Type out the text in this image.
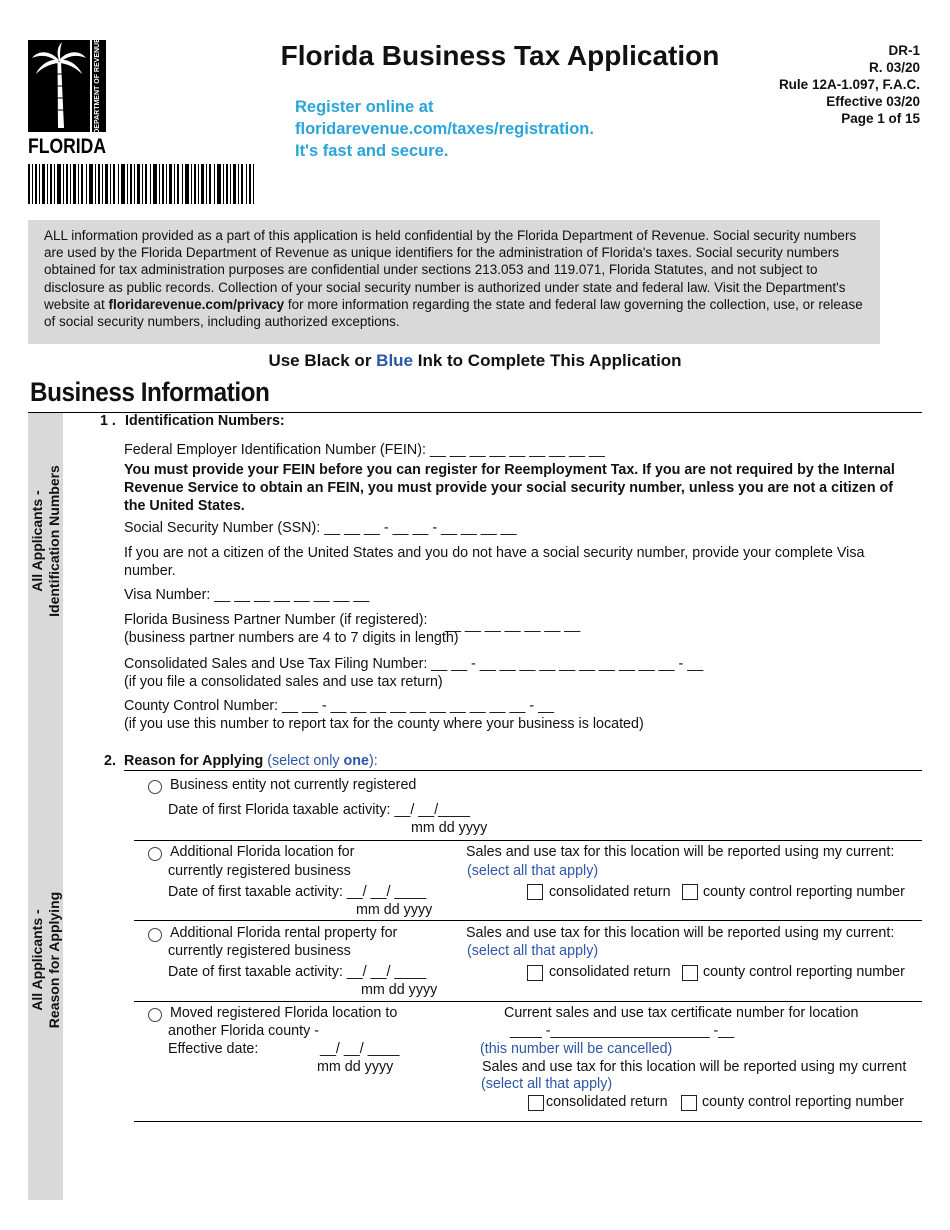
DEPARTMENT OF REVENUE
FLORIDA
Florida Business Tax Application
Register online at
floridarevenue.com/taxes/registration.
It's fast and secure.
DR-1
R. 03/20
Rule 12A-1.097, F.A.C.
Effective 03/20
Page 1 of 15
ALL information provided as a part of this application is held confidential by the Florida Department of Revenue. Social security numbers are used by the Florida Department of Revenue as unique identifiers for the administration of Florida's taxes. Social security numbers obtained for tax administration purposes are confidential under sections 213.053 and 119.071, Florida Statutes, and not subject to disclosure as public records. Collection of your social security number is authorized under state and federal law. Visit the Department's website at floridarevenue.com/privacy for more information regarding the state and federal law governing the collection, use, or release of social security numbers, including authorized exceptions.
Use Black or Blue Ink to Complete This Application
Business Information
All Applicants - Identification Numbers
All Applicants - Reason for Applying
1 . Identification Numbers:
Federal Employer Identification Number (FEIN): __ __ __ __ __ __ __ __ __
You must provide your FEIN before you can register for Reemployment Tax. If you are not required by the Internal Revenue Service to obtain an FEIN, you must provide your social security number, unless you are not a citizen of the United States.
Social Security Number (SSN): __ __ __ - __ __ - __ __ __ __
If you are not a citizen of the United States and you do not have a social security number, provide your complete Visa number.
Visa Number: __ __ __ __ __ __ __ __
Florida Business Partner Number (if registered): __ __ __ __ __ __ __
(business partner numbers are 4 to 7 digits in length)
Consolidated Sales and Use Tax Filing Number: __ __ - __ __ __ __ __ __ __ __ __ __ - __
(if you file a consolidated sales and use tax return)
County Control Number: __ __ - __ __ __ __ __ __ __ __ __ __ - __
(if you use this number to report tax for the county where your business is located)
2. Reason for Applying (select only one):
Business entity not currently registered
Date of first Florida taxable activity: __/ __/____
mm dd yyyy
Additional Florida location for
currently registered business
Date of first taxable activity: __/ __/ ____
mm dd yyyy
Sales and use tax for this location will be reported using my current:
(select all that apply)
consolidated return county control reporting number
Additional Florida rental property for
currently registered business
Date of first taxable activity: __/ __/ ____
mm dd yyyy
Sales and use tax for this location will be reported using my current:
(select all that apply)
consolidated return county control reporting number
Moved registered Florida location to
another Florida county -
Effective date:	__/ __/ ____
mm dd yyyy
Current sales and use tax certificate number for location
____ -____________________ -__
(this number will be cancelled)
Sales and use tax for this location will be reported using my current
(select all that apply)
consolidated return county control reporting number
